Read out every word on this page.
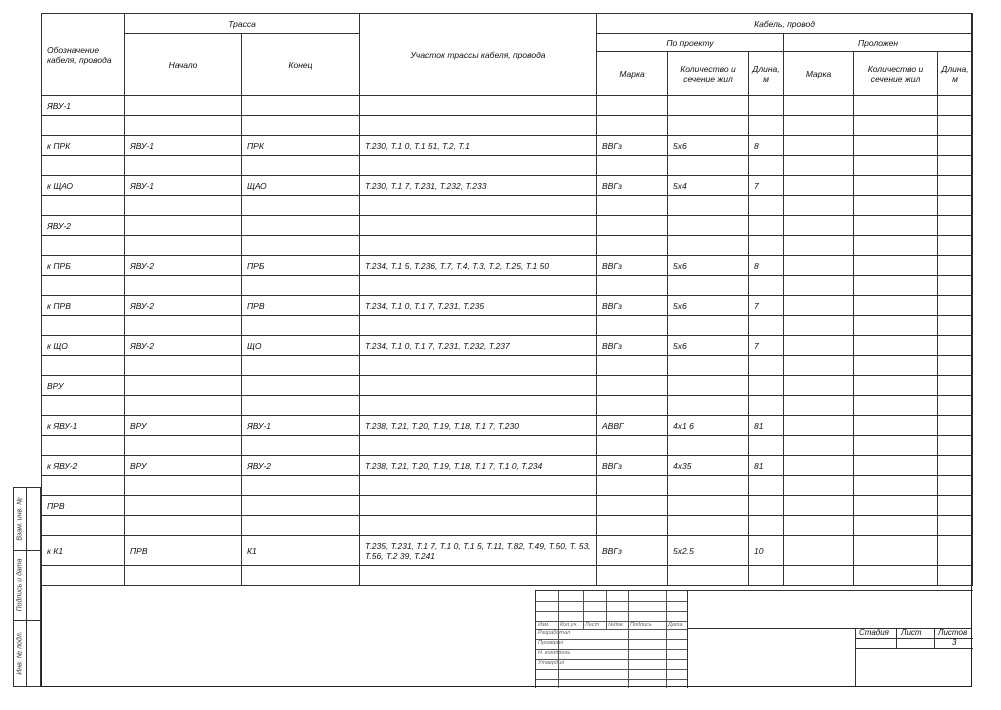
Обозначение кабеля, провода	Трасса		Участок трассы кабеля, провода	Кабель, провод					
	Начало	Конец		По проекту			Проложен		
				Марка	Количество и сечение жил	Длина, м	Марка	Количество и сечение жил	Длина, м
ЯВУ-1									

к ПРК	ЯВУ-1	ПРК	Т.230, Т.1 0, Т.1 51, Т.2, Т.1	ВВГз	5х6	8			

к ЩАО	ЯВУ-1	ЩАО	Т.230, Т.1 7, Т.231, Т.232, Т.233	ВВГз	5х4	7			

ЯВУ-2									

к ПРБ	ЯВУ-2	ПРБ	Т.234, Т.1 5, Т.236, Т.7, Т.4, Т.3, Т.2, Т.25, Т.1 50	ВВГз	5х6	8			

к ПРВ	ЯВУ-2	ПРВ	Т.234, Т.1 0, Т.1 7, Т.231, Т.235	ВВГз	5х6	7			

к ЩО	ЯВУ-2	ЩО	Т.234, Т.1 0, Т.1 7, Т.231, Т.232, Т.237	ВВГз	5х6	7			

ВРУ									

к ЯВУ-1	ВРУ	ЯВУ-1	Т.238, Т.21, Т.20, Т.19, Т.18, Т.1 7, Т.230	АВВГ	4х1 6	81			

к ЯВУ-2	ВРУ	ЯВУ-2	Т.238, Т.21, Т.20, Т.19, Т.18, Т.1 7, Т.1 0, Т.234	ВВГз	4х35	81			

ПРВ									

к К1	ПРВ	К1	Т.235, Т.231, Т.1 7, Т.1 0, Т.1 5, Т.11, Т.82, Т.49, Т.50, Т. 53, Т.56, Т.2 39, Т.241	ВВГз	5х2.5	10			

Взам. инв. №
Подпись и дата
Инв. № подл.
Изм. Кол.уч. Лист №док. Подпись	Дата
Разработал
Проверил
Н. контроль
Утвердил
Стадия Лист Листов
3
